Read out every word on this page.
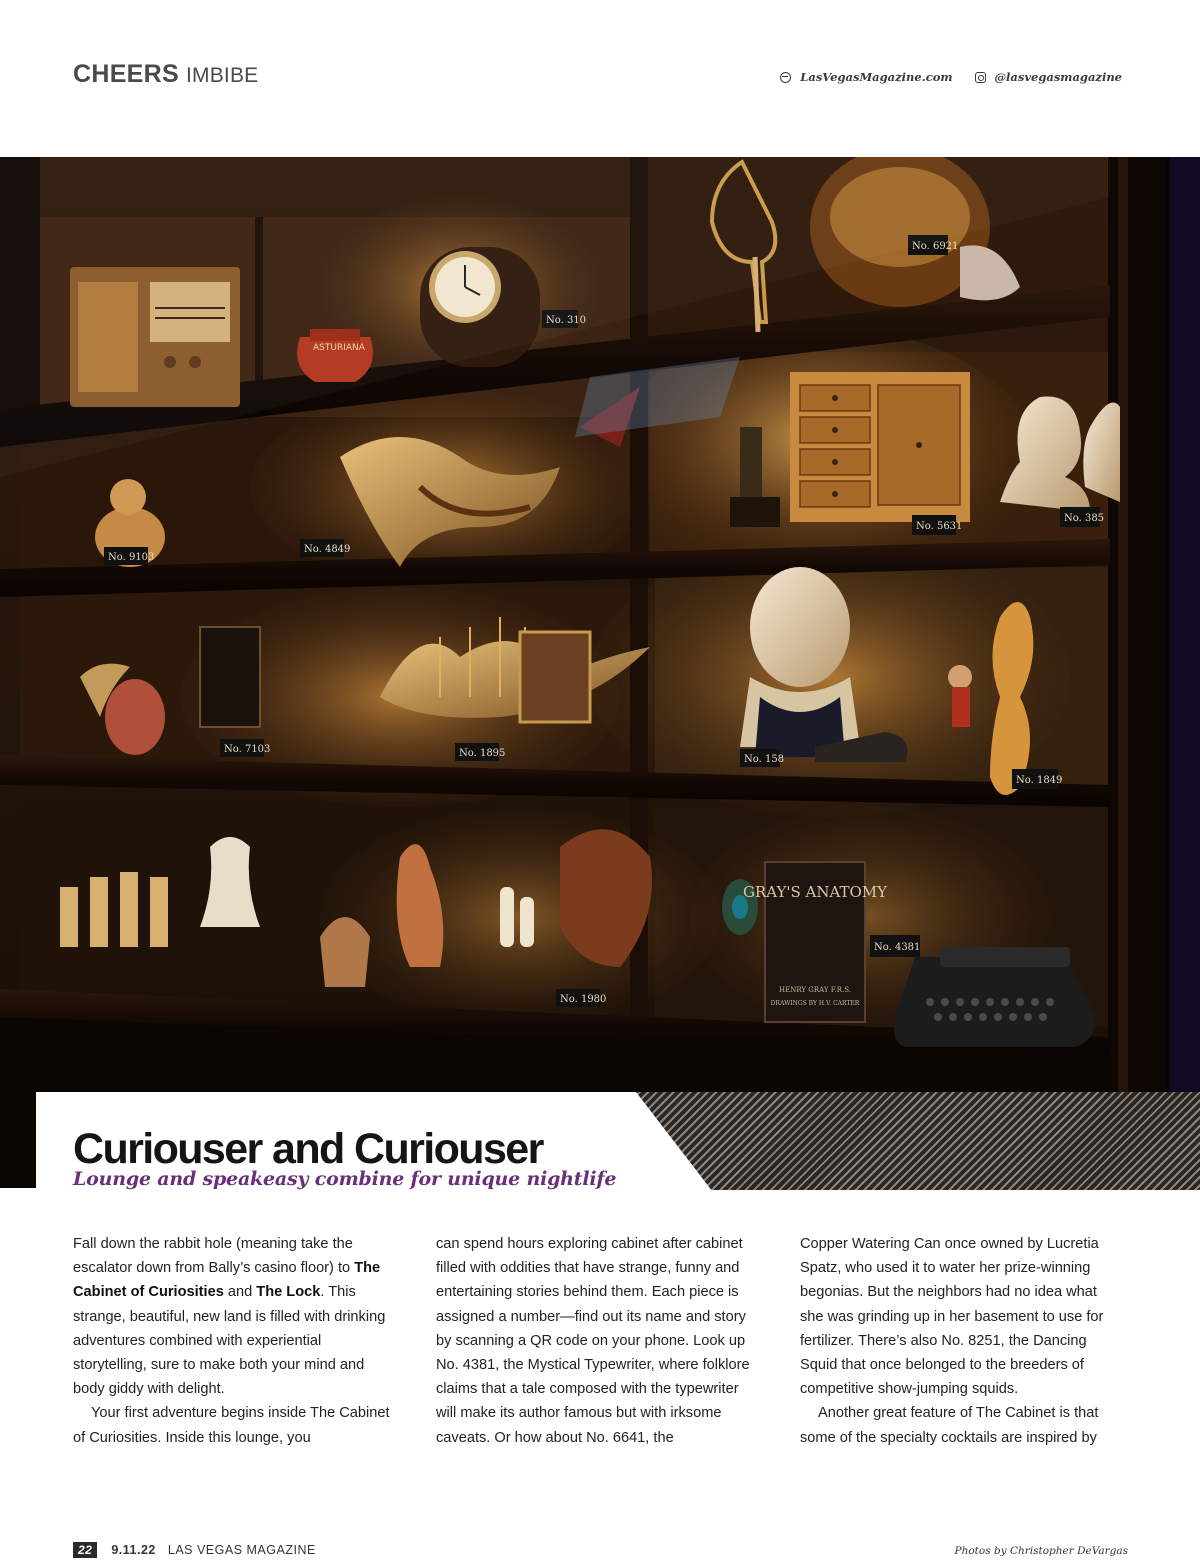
CHEERS IMBIBE	LasVegasMagazine.com	@lasvegasmagazine
ASTURIANA
GRAY'S ANATOMY
HENRY GRAY F.R.S.
DRAWINGS BY H.V. CARTER
No. 6921
No. 310
No. 5631
No. 385
No. 9103
No. 4849
No. 7103	No. 1895
No. 158
No. 1849
No. 1980
No. 4381
Curiouser and Curiouser
Lounge and speakeasy combine for unique nightlife

Fall down the rabbit hole (meaning take the escalator down from Bally’s casino floor) to The Cabinet of Curiosities and The Lock. This strange, beautiful, new land is filled with drinking adventures combined with experiential storytelling, sure to make both your mind and body giddy with delight.

Your first adventure begins inside The Cabinet of Curiosities. Inside this lounge, you

can spend hours exploring cabinet after cabinet filled with oddities that have strange, funny and entertaining stories behind them. Each piece is assigned a number—find out its name and story by scanning a QR code on your phone. Look up No. 4381, the Mystical Typewriter, where folklore claims that a tale composed with the typewriter will make its author famous but with irksome caveats. Or how about No. 6641, the

Copper Watering Can once owned by Lucretia Spatz, who used it to water her prize-winning begonias. But the neighbors had no idea what she was grinding up in her basement to use for fertilizer. There’s also No. 8251, the Dancing Squid that once belonged to the breeders of competitive show-jumping squids.

Another great feature of The Cabinet is that some of the specialty cocktails are inspired by

22	9.11.22 LAS VEGAS MAGAZINE	Photos by Christopher DeVargas
